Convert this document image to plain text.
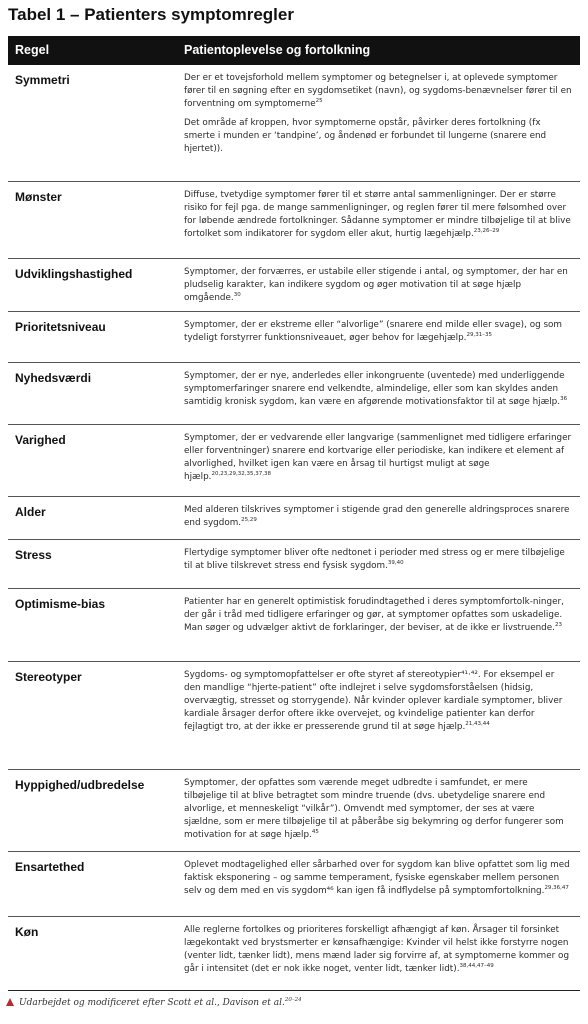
Tabel 1 – Patienters symptomregler
Regel	Patientoplevelse og fortolkning
Symmetri	Der er et tovejsforhold mellem symptomer og betegnelser i, at oplevede symptomer fører til en søgning efter en sygdomsetiket (navn), og sygdoms-benævnelser fører til en forventning om symptomerne$^{25}$

Det område af kroppen, hvor symptomerne opstår, påvirker deres fortolkning (fx smerte i munden er ‘tandpine’, og åndenød er forbundet til lungerne (snarere end hjertet)).

Mønster	Diffuse, tvetydige symptomer fører til et større antal sammenligninger. Der er større risiko for fejl pga. de mange sammenligninger, og reglen fører til mere følsomhed over for løbende ændrede fortolkninger. Sådanne symptomer er mindre tilbøjelige til at blive fortolket som indikatorer for sygdom eller akut, hurtig lægehjælp.$^{23,26-29}$

Udviklingshastighed	Symptomer, der forværres, er ustabile eller stigende i antal, og symptomer, der har en pludselig karakter, kan indikere sygdom og øger motivation til at søge hjælp omgående.$^{30}$

Prioritetsniveau	Symptomer, der er ekstreme eller “alvorlige” (snarere end milde eller svage), og som tydeligt forstyrrer funktionsniveauet, øger behov for lægehjælp.$^{29,31-35}$

Nyhedsværdi	Symptomer, der er nye, anderledes eller inkongruente (uventede) med underliggende symptomerfaringer snarere end velkendte, almindelige, eller som kan skyldes anden samtidig kronisk sygdom, kan være en afgørende motivationsfaktor til at søge hjælp.$^{36}$

Varighed	Symptomer, der er vedvarende eller langvarige (sammenlignet med tidligere erfaringer eller forventninger) snarere end kortvarige eller periodiske, kan indikere et element af alvorlighed, hvilket igen kan være en årsag til hurtigst muligt at søge hjælp.$^{20,23,29,32,35,37,38}$

Alder	Med alderen tilskrives symptomer i stigende grad den generelle aldringsproces snarere end sygdom.$^{25,29}$

Stress	Flertydige symptomer bliver ofte nedtonet i perioder med stress og er mere tilbøjelige til at blive tilskrevet stress end fysisk sygdom.$^{39,40}$

Optimisme-bias	Patienter har en generelt optimistisk forudindtagethed i deres symptomfortolk-ninger, der går i tråd med tidligere erfaringer og gør, at symptomer opfattes som uskadelige. Man søger og udvælger aktivt de forklaringer, der beviser, at de ikke er livstruende.$^{23}$

Stereotyper	Sygdoms- og symptomopfattelser er ofte styret af stereotypier⁴¹·⁴². For eksempel er den mandlige “hjerte-patient” ofte indlejret i selve sygdomsforståelsen (hidsig, overvægtig, stresset og storrygende). Når kvinder oplever kardiale symptomer, bliver kardiale årsager derfor oftere ikke overvejet, og kvindelige patienter kan derfor fejlagtigt tro, at der ikke er presserende grund til at søge hjælp.$^{21,43,44}$

Hyppighed/udbredelse	Symptomer, der opfattes som værende meget udbredte i samfundet, er mere tilbøjelige til at blive betragtet som mindre truende (dvs. ubetydelige snarere end alvorlige, et menneskeligt “vilkår”). Omvendt med symptomer, der ses at være sjældne, som er mere tilbøjelige til at påberåbe sig bekymring og derfor fungerer som motivation for at søge hjælp.$^{45}$

Ensartethed	Oplevet modtagelighed eller sårbarhed over for sygdom kan blive opfattet som lig med faktisk eksponering – og samme temperament, fysiske egenskaber mellem personen selv og dem med en vis sygdom⁴⁶ kan igen få indflydelse på symptomfortolkning.$^{29,36,47}$

Køn	Alle reglerne fortolkes og prioriteres forskelligt afhængigt af køn. Årsager til forsinket lægekontakt ved brystsmerter er kønsafhængige: Kvinder vil helst ikke forstyrre nogen (venter lidt, tænker lidt), mens mænd lader sig forvirre af, at symptomerne kommer og går i intensitet (det er nok ikke noget, venter lidt, tænker lidt).$^{38,44,47-49}$

Udarbejdet og modificeret efter Scott et al., Davison et al.$^{20-24}$
